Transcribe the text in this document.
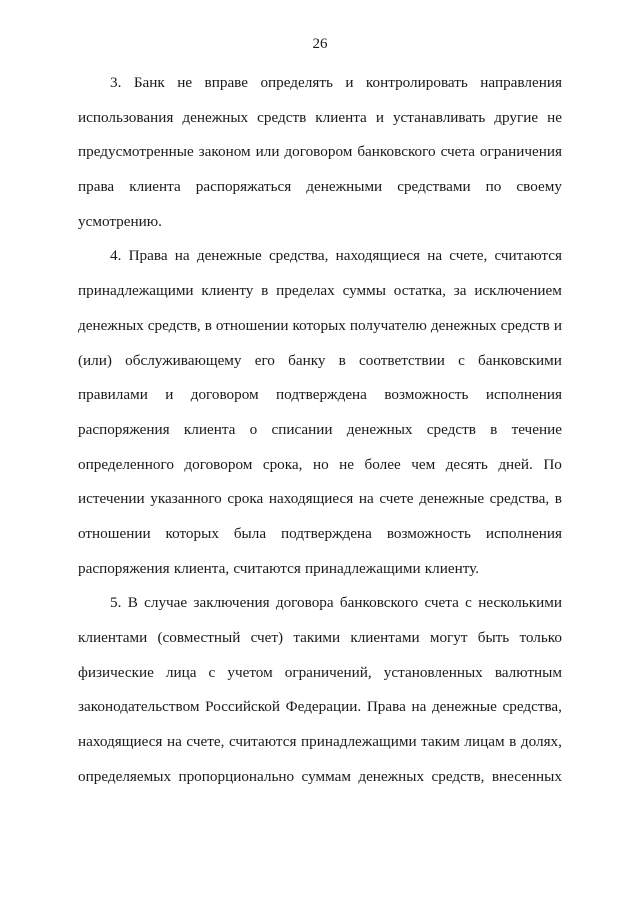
26
3. Банк не вправе определять и контролировать направления
использования денежных средств клиента и устанавливать другие не
предусмотренные законом или договором банковского счета ограничения
права клиента распоряжаться денежными средствами по своему
усмотрению.
4. Права на денежные средства, находящиеся на счете, считаются
принадлежащими клиенту в пределах суммы остатка, за исключением
денежных средств, в отношении которых получателю денежных средств и
(или) обслуживающему его банку в соответствии с банковскими
правилами и договором подтверждена возможность исполнения
распоряжения клиента о списании денежных средств в течение
определенного договором срока, но не более чем десять дней. По
истечении указанного срока находящиеся на счете денежные средства, в
отношении которых была подтверждена возможность исполнения
распоряжения клиента, считаются принадлежащими клиенту.
5. В случае заключения договора банковского счета с несколькими
клиентами (совместный счет) такими клиентами могут быть только
физические лица с учетом ограничений, установленных валютным
законодательством Российской Федерации. Права на денежные средства,
находящиеся на счете, считаются принадлежащими таким лицам в долях,
определяемых пропорционально суммам денежных средств, внесенных
